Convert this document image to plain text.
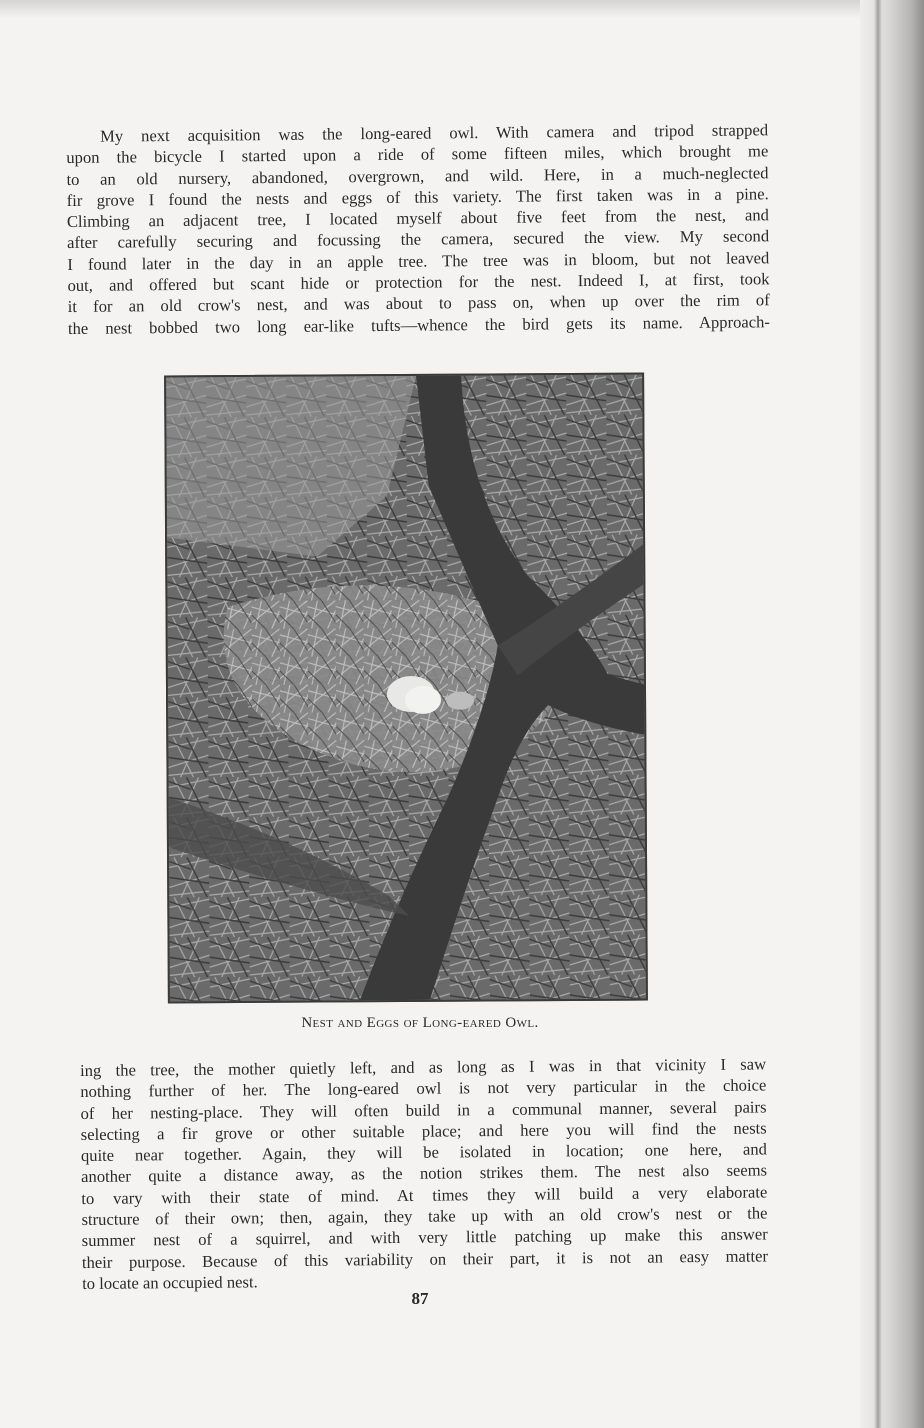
My next acquisition was the long-eared owl. With camera and tripod strapped
upon the bicycle I started upon a ride of some fifteen miles, which brought me
to an old nursery, abandoned, overgrown, and wild. Here, in a much-neglected
fir grove I found the nests and eggs of this variety. The first taken was in a pine.
Climbing an adjacent tree, I located myself about five feet from the nest, and
after carefully securing and focussing the camera, secured the view. My second
I found later in the day in an apple tree. The tree was in bloom, but not leaved
out, and offered but scant hide or protection for the nest. Indeed I, at first, took
it for an old crow's nest, and was about to pass on, when up over the rim of
the nest bobbed two long ear-like tufts—whence the bird gets its name. Approach-
Nest and Eggs of Long-eared Owl.
ing the tree, the mother quietly left, and as long as I was in that vicinity I saw
nothing further of her. The long-eared owl is not very particular in the choice
of her nesting-place. They will often build in a communal manner, several pairs
selecting a fir grove or other suitable place; and here you will find the nests
quite near together. Again, they will be isolated in location; one here, and
another quite a distance away, as the notion strikes them. The nest also seems
to vary with their state of mind. At times they will build a very elaborate
structure of their own; then, again, they take up with an old crow's nest or the
summer nest of a squirrel, and with very little patching up make this answer
their purpose. Because of this variability on their part, it is not an easy matter
to locate an occupied nest.
87
